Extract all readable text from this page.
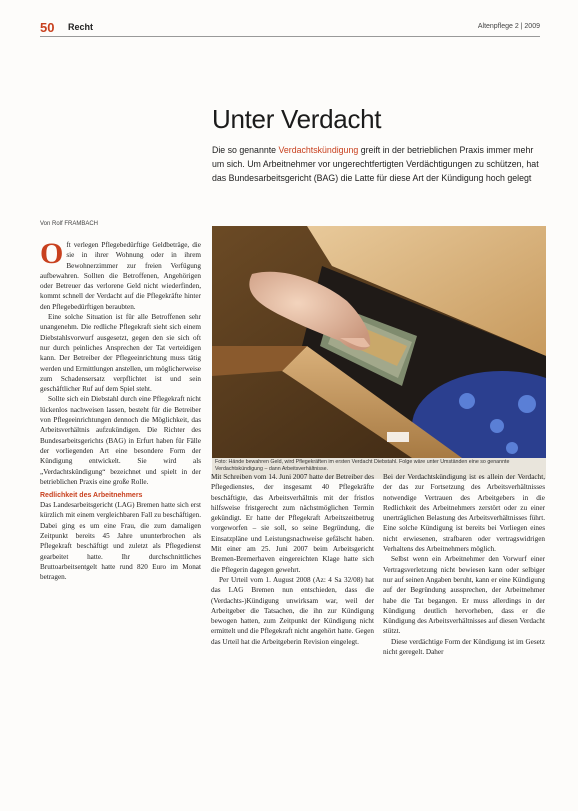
50 Recht	Altenpflege 2 | 2009
Unter Verdacht
Die so genannte Verdachtskündigung greift in der betrieblichen Praxis immer mehr um sich. Um Arbeitnehmer vor ungerechtfertigten Verdächtigungen zu schützen, hat das Bundesarbeitsgericht (BAG) die Latte für diese Art der Kündigung hoch gelegt
Von Rolf FRAMBACH
Foto: Hände bewahren Geld, wird Pflegekräften im ersten Verdacht Diebstahl. Folge wäre unter Umständen eine so genannte Verdachtskündigung – dann Arbeitsverhältnisse.

Oft verlegen Pflegebedürftige Geldbeträge, die sie in ihrer Wohnung oder in ihrem Bewohnerzimmer zur freien Verfügung aufbewahren. Sollten die Betroffenen, Angehörigen oder Betreuer das verlorene Geld nicht wiederfinden, kommt schnell der Verdacht auf die Pflegekräfte hinter den Pflegebedürftigen beraubten.

Eine solche Situation ist für alle Betroffenen sehr unangenehm. Die redliche Pflegekraft sieht sich einem Diebstahlsvorwurf ausgesetzt, gegen den sie sich oft nur durch peinliches Ansprechen der Tat verteidigen kann. Der Betreiber der Pflegeeinrichtung muss tätig werden und Ermittlungen anstellen, um möglicherweise zum Schadensersatz verpflichtet ist und sein geschäftlicher Ruf auf dem Spiel steht.

Sollte sich ein Diebstahl durch eine Pflegekraft nicht lückenlos nachweisen lassen, besteht für die Betreiber von Pflegeeinrichtungen dennoch die Möglichkeit, das Arbeitsverhältnis aufzukündigen. Die Richter des Bundesarbeitsgerichts (BAG) in Erfurt haben für Fälle der vorliegenden Art eine besondere Form der Kündigung entwickelt. Sie wird als „Verdachtskündigung“ bezeichnet und spielt in der betrieblichen Praxis eine große Rolle.

Redlichkeit des Arbeitnehmers

Das Landesarbeitsgericht (LAG) Bremen hatte sich erst kürzlich mit einem vergleichbaren Fall zu beschäftigen. Dabei ging es um eine Frau, die zum damaligen Zeitpunkt bereits 45 Jahre ununterbrochen als Pflegekraft beschäftigt und zuletzt als Pflegedienst gearbeitet hatte. Ihr durchschnittliches Bruttoarbeitsentgelt hatte rund 820 Euro im Monat betragen.

Mit Schreiben vom 14. Juni 2007 hatte der Betreiber des Pflegedienstes, der insgesamt 40 Pflegekräfte beschäftigte, das Arbeitsverhältnis mit der fristlos hilfsweise fristgerecht zum nächstmöglichen Termin gekündigt. Er hatte der Pflegekraft Arbeitszeitbetrug vorgeworfen – sie soll, so seine Begründung, die Einsatzpläne und Leistungsnachweise gefälscht haben. Mit einer am 25. Juni 2007 beim Arbeitsgericht Bremen-Bremerhaven eingereichten Klage hatte sich die Pflegerin dagegen gewehrt.

Per Urteil vom 1. August 2008 (Az: 4 Sa 32/08) hat das LAG Bremen nun entschieden, dass die (Verdachts-)Kündigung unwirksam war, weil der Arbeitgeber die Tatsachen, die ihn zur Kündigung bewogen hatten, zum Zeitpunkt der Kündigung nicht ermittelt und die Pflegekraft nicht angehört hatte. Gegen das Urteil hat die Arbeitgeberin Revision eingelegt.

Bei der Verdachtskündigung ist es allein der Verdacht, der das zur Fortsetzung des Arbeitsverhältnisses notwendige Vertrauen des Arbeitgebers in die Redlichkeit des Arbeitnehmers zerstört oder zu einer unerträglichen Belastung des Arbeitsverhältnisses führt. Eine solche Kündigung ist bereits bei Vorliegen eines nicht erwiesenen, strafbaren oder vertragswidrigen Verhaltens des Arbeitnehmers möglich.

Selbst wenn ein Arbeitnehmer den Vorwurf einer Vertragsverletzung nicht bewiesen kann oder selbiger nur auf seinen Angaben beruht, kann er eine Kündigung auf der Begründung aussprechen, der Arbeitnehmer habe die Tat begangen. Er muss allerdings in der Kündigung deutlich hervorheben, dass er die Kündigung des Arbeitsverhältnisses auf diesen Verdacht stützt.

Diese verdächtige Form der Kündigung ist im Gesetz nicht geregelt. Daher
